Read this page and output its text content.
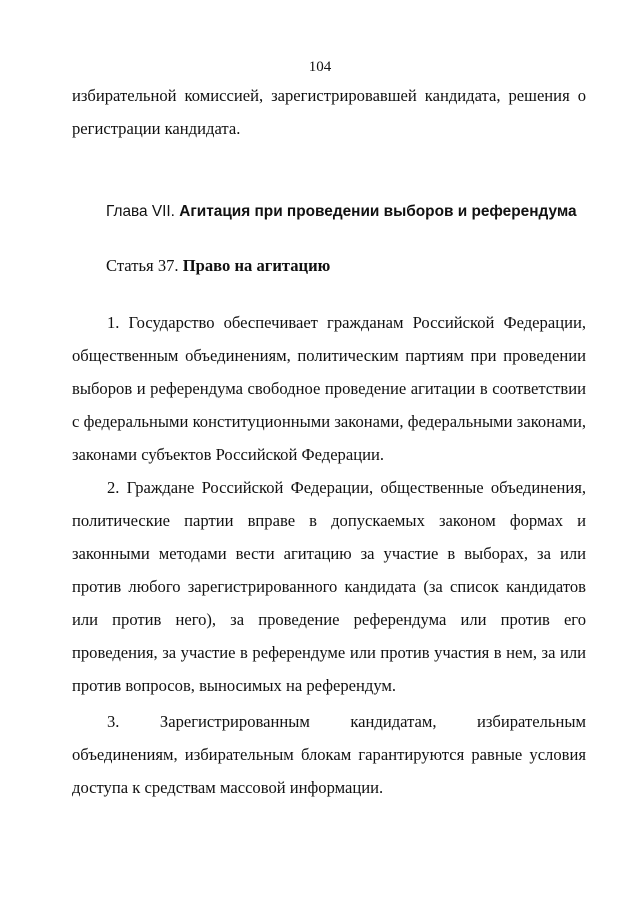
104
избирательной комиссией, зарегистрировавшей кандидата, решения о регистрации кандидата.
Глава VII. Агитация при проведении выборов и референдума
Статья 37. Право на агитацию
1. Государство обеспечивает гражданам Российской Федерации, общественным объединениям, политическим партиям при проведении выборов и референдума свободное проведение агитации в соответствии с федеральными конституционными законами, федеральными законами, законами субъектов Российской Федерации.
2. Граждане Российской Федерации, общественные объединения, политические партии вправе в допускаемых законом формах и законными методами вести агитацию за участие в выборах, за или против любого зарегистрированного кандидата (за список кандидатов или против него), за проведение референдума или против его проведения, за участие в референдуме или против участия в нем, за или против вопросов, выносимых на референдум.
3. Зарегистрированным кандидатам, избирательным объединениям, избирательным блокам гарантируются равные условия доступа к средствам массовой информации.
